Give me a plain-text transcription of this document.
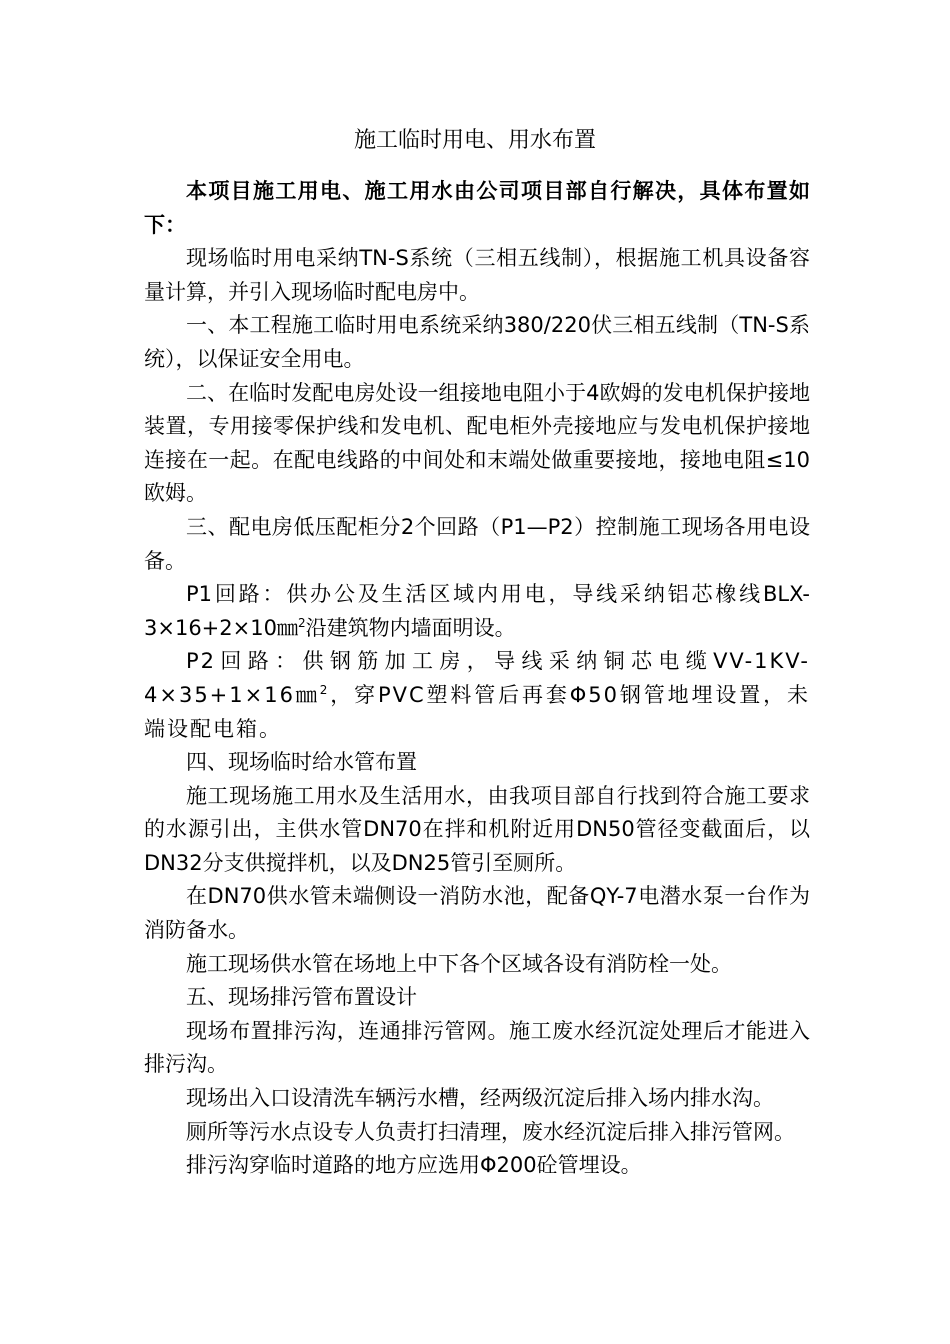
施工临时用电、用水布置

本项目施工用电、施工用水由公司项目部自行解决，具体布置如下：

现场临时用电采纳TN-S系统（三相五线制），根据施工机具设备容量计算，并引入现场临时配电房中。

一、本工程施工临时用电系统采纳380/220伏三相五线制（TN-S系统），以保证安全用电。

二、在临时发配电房处设一组接地电阻小于4欧姆的发电机保护接地装置，专用接零保护线和发电机、配电柜外壳接地应与发电机保护接地连接在一起。在配电线路的中间处和末端处做重要接地，接地电阻≤10欧姆。

三、配电房低压配柜分2个回路（P1—P2）控制施工现场各用电设备。

P1回路：供办公及生活区域内用电，导线采纳铝芯橡线BLX-3×16+2×10㎜$^2$沿建筑物内墙面明设。

P2回路：供钢筋加工房，导线采纳铜芯电缆VV-1KV-4×35+1×16㎜$^2$，穿PVC塑料管后再套Φ50钢管地埋设置，未端设配电箱。

四、现场临时给水管布置

施工现场施工用水及生活用水，由我项目部自行找到符合施工要求的水源引出，主供水管DN70在拌和机附近用DN50管径变截面后，以DN32分支供搅拌机，以及DN25管引至厕所。

在DN70供水管未端侧设一消防水池，配备QY-7电潜水泵一台作为消防备水。

施工现场供水管在场地上中下各个区域各设有消防栓一处。

五、现场排污管布置设计

现场布置排污沟，连通排污管网。施工废水经沉淀处理后才能进入排污沟。

现场出入口设清洗车辆污水槽，经两级沉淀后排入场内排水沟。

厕所等污水点设专人负责打扫清理，废水经沉淀后排入排污管网。

排污沟穿临时道路的地方应选用Φ200砼管埋设。
